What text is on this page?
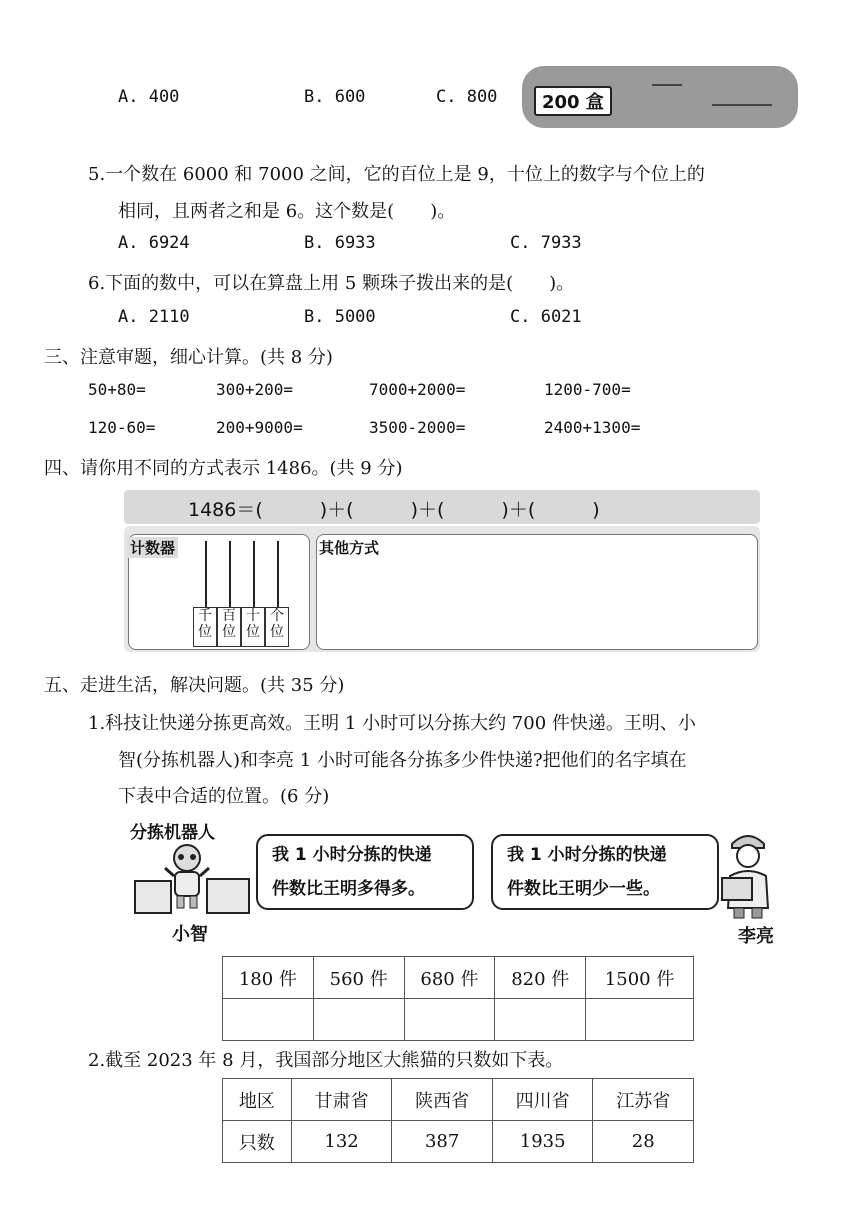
A. 400	B. 600	C. 800	200 盒
5.一个数在 6000 和 7000 之间，它的百位上是 9，十位上的数字与个位上的
相同，且两者之和是 6。这个数是(　　)。
A. 6924	B. 6933	C. 7933
6.下面的数中，可以在算盘上用 5 颗珠子拨出来的是(　　)。
A. 2110	B. 5000	C. 6021
三、注意审题，细心计算。(共 8 分)
50+80=	300+200=	7000+2000=	1200-700=
120-60=	200+9000=	3500-2000=	2400+1300=
四、请你用不同的方式表示 1486。(共 9 分)
1486＝(　　　)＋(　　　)＋(　　　)＋(　　　)
计数器
千位
百位
十位
个位
其他方式
五、走进生活，解决问题。(共 35 分)
1.科技让快递分拣更高效。王明 1 小时可以分拣大约 700 件快递。王明、小
智(分拣机器人)和李亮 1 小时可能各分拣多少件快递?把他们的名字填在
下表中合适的位置。(6 分)
分拣机器人
小智
我 1 小时分拣的快递
件数比王明多得多。
我 1 小时分拣的快递
件数比王明少一些。
李亮
180 件	560 件	680 件	820 件	1500 件

2.截至 2023 年 8 月，我国部分地区大熊猫的只数如下表。
地区	甘肃省	陕西省	四川省	江苏省
只数	132	387	1935	28
